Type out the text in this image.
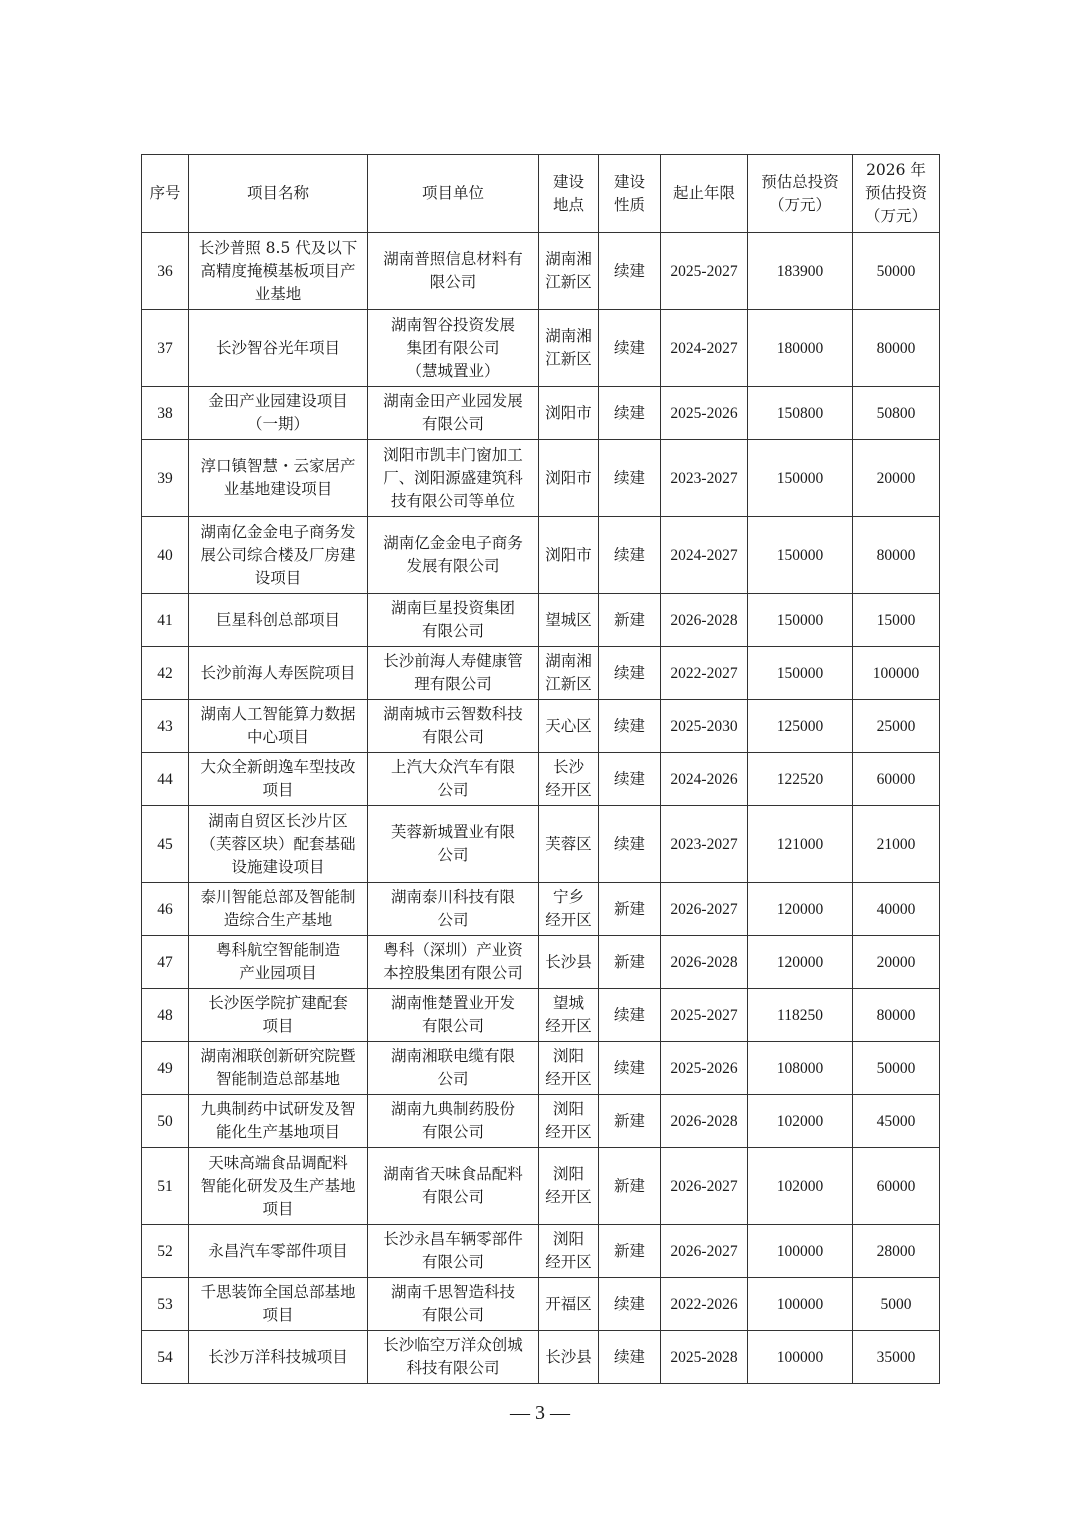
序号	项目名称	项目单位	建设
地点	建设
性质	起止年限	预估总投资
（万元）	2026 年
预估投资
（万元）
36	长沙普照 8.5 代及以下
高精度掩模基板项目产
业基地	湖南普照信息材料有
限公司	湖南湘
江新区	续建	2025-2027	183900	50000
37	长沙智谷光年项目	湖南智谷投资发展
集团有限公司
（慧城置业）	湖南湘
江新区	续建	2024-2027	180000	80000
38	金田产业园建设项目
（一期）	湖南金田产业园发展
有限公司	浏阳市	续建	2025-2026	150800	50800
39	淳口镇智慧・云家居产
业基地建设项目	浏阳市凯丰门窗加工
厂、浏阳源盛建筑科
技有限公司等单位	浏阳市	续建	2023-2027	150000	20000
40	湖南亿金金电子商务发
展公司综合楼及厂房建
设项目	湖南亿金金电子商务
发展有限公司	浏阳市	续建	2024-2027	150000	80000
41	巨星科创总部项目	湖南巨星投资集团
有限公司	望城区	新建	2026-2028	150000	15000
42	长沙前海人寿医院项目	长沙前海人寿健康管
理有限公司	湖南湘
江新区	续建	2022-2027	150000	100000
43	湖南人工智能算力数据
中心项目	湖南城市云智数科技
有限公司	天心区	续建	2025-2030	125000	25000
44	大众全新朗逸车型技改
项目	上汽大众汽车有限
公司	长沙
经开区	续建	2024-2026	122520	60000
45	湖南自贸区长沙片区
（芙蓉区块）配套基础
设施建设项目	芙蓉新城置业有限
公司	芙蓉区	续建	2023-2027	121000	21000
46	泰川智能总部及智能制
造综合生产基地	湖南泰川科技有限
公司	宁乡
经开区	新建	2026-2027	120000	40000
47	粤科航空智能制造
产业园项目	粤科（深圳）产业资
本控股集团有限公司	长沙县	新建	2026-2028	120000	20000
48	长沙医学院扩建配套
项目	湖南惟楚置业开发
有限公司	望城
经开区	续建	2025-2027	118250	80000
49	湖南湘联创新研究院暨
智能制造总部基地	湖南湘联电缆有限
公司	浏阳
经开区	续建	2025-2026	108000	50000
50	九典制药中试研发及智
能化生产基地项目	湖南九典制药股份
有限公司	浏阳
经开区	新建	2026-2028	102000	45000
51	天味高端食品调配料
智能化研发及生产基地
项目	湖南省天味食品配料
有限公司	浏阳
经开区	新建	2026-2027	102000	60000
52	永昌汽车零部件项目	长沙永昌车辆零部件
有限公司	浏阳
经开区	新建	2026-2027	100000	28000
53	千思装饰全国总部基地
项目	湖南千思智造科技
有限公司	开福区	续建	2022-2026	100000	5000
54	长沙万洋科技城项目	长沙临空万洋众创城
科技有限公司	长沙县	续建	2025-2028	100000	35000
— 3 —
